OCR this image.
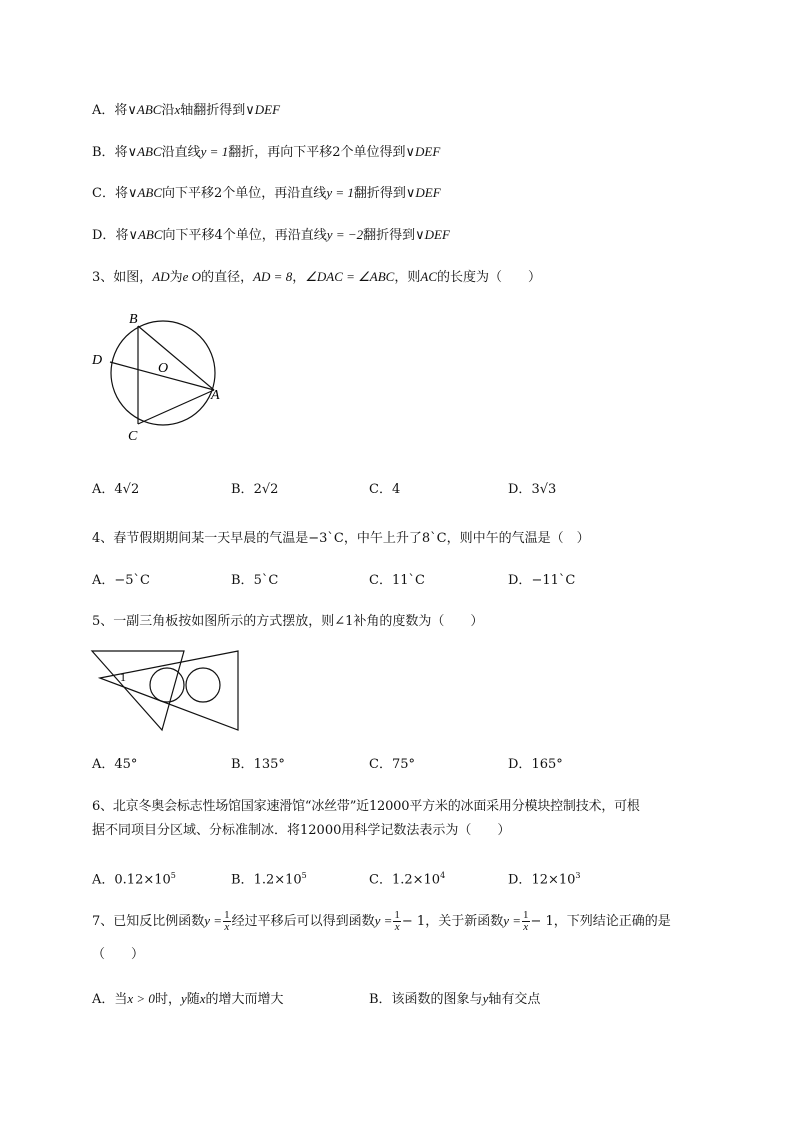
A．将∨ABC沿x轴翻折得到∨DEF
B．将∨ABC沿直线y = 1翻折，再向下平移2个单位得到∨DEF
C．将∨ABC向下平移2个单位，再沿直线y = 1翻折得到∨DEF
D．将∨ABC向下平移4个单位，再沿直线y = −2翻折得到∨DEF
3、如图，AD为e O的直径，AD = 8，∠DAC = ∠ABC，则AC的长度为（　　）
B
D
O
A
C
A．4√2	B．2√2	C．4	D．3√3
4、春节假期期间某一天早晨的气温是−3`C，中午上升了8`C，则中午的气温是（　）
A．−5`C	B．5`C	C．11`C	D．−11`C
5、一副三角板按如图所示的方式摆放，则∠1补角的度数为（　　）
1
A．45°	B．135°	C．75°	D．165°
6、北京冬奥会标志性场馆国家速滑馆“冰丝带”近12000平方米的冰面采用分模块控制技术，可根
据不同项目分区域、分标准制冰．将12000用科学记数法表示为（　　）
A．$0.12\times 10^5$	B．$1.2\times 10^5$	C．$1.2\times 10^4$	D．$12\times 10^3$
7、已知反比例函数$y = \frac{1}{x}$ 经过平移后可以得到函数$y = \frac{1}{x} - 1$，关于新函数$y = \frac{1}{x} - 1$，下列结论正确的是
（　　）
A．当x > 0时，y随x的增大而增大	B．该函数的图象与y轴有交点
